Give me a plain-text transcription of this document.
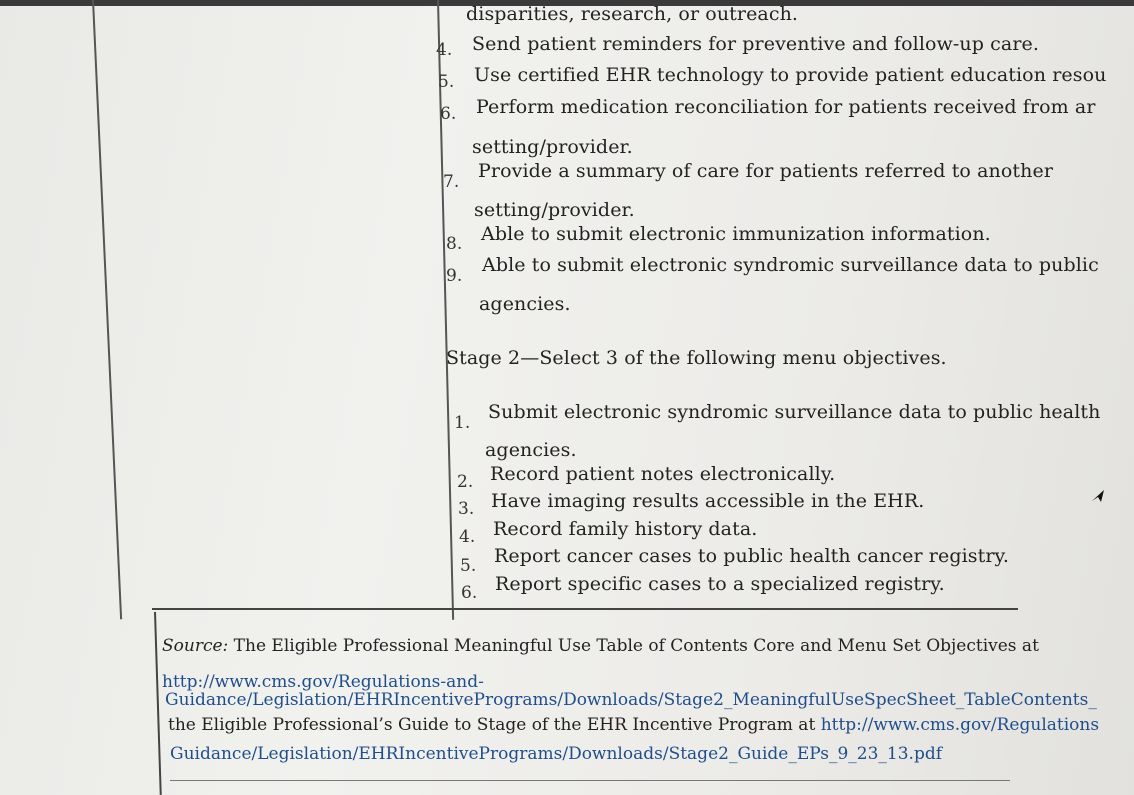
disparities, research, or outreach.
4. Send patient reminders for preventive and follow-up care.
5. Use certified EHR technology to provide patient education resou
6. Perform medication reconciliation for patients received from ar
setting/provider.
7. Provide a summary of care for patients referred to another
setting/provider.
8. Able to submit electronic immunization information.
9. Able to submit electronic syndromic surveillance data to public
agencies.
Stage 2—Select 3 of the following menu objectives.
1. Submit electronic syndromic surveillance data to public health
agencies.
2. Record patient notes electronically.
3. Have imaging results accessible in the EHR.
4. Record family history data.
5. Report cancer cases to public health cancer registry.
6. Report specific cases to a specialized registry.
Source: The Eligible Professional Meaningful Use Table of Contents Core and Menu Set Objectives at
http://www.cms.gov/Regulations-and-
Guidance/Legislation/EHRIncentivePrograms/Downloads/Stage2_MeaningfulUseSpecSheet_TableContents_
the Eligible Professional’s Guide to Stage of the EHR Incentive Program at http://www.cms.gov/Regulations
Guidance/Legislation/EHRIncentivePrograms/Downloads/Stage2_Guide_EPs_9_23_13.pdf
